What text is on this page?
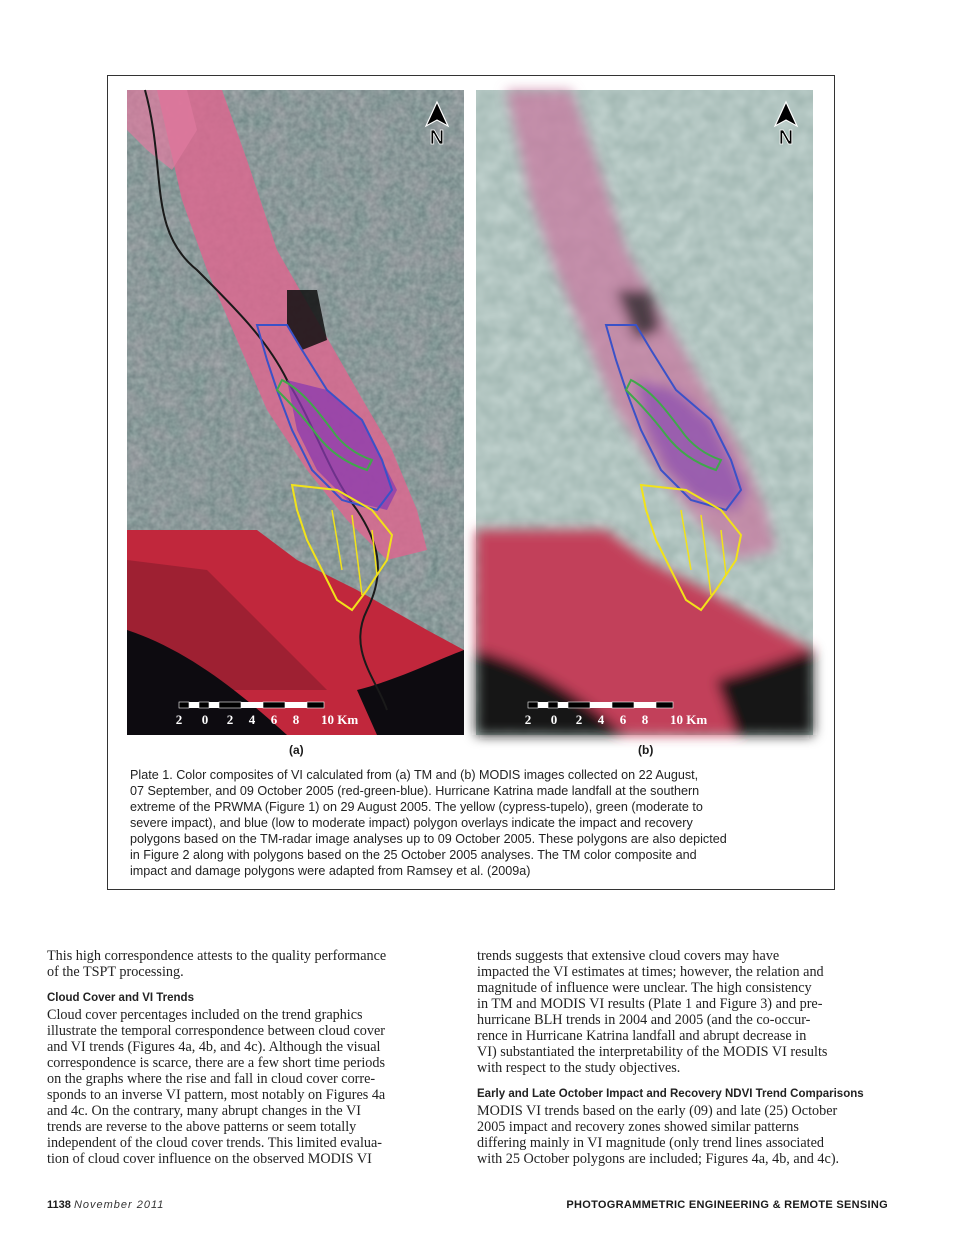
N
2 0 2 4 6 8 10 Km
N
2 0 2 4 6 8 10 Km
(a)	(b)
Plate 1. Color composites of VI calculated from (a) TM and (b) MODIS images collected on 22 August,
07 September, and 09 October 2005 (red-green-blue). Hurricane Katrina made landfall at the southern
extreme of the PRWMA (Figure 1) on 29 August 2005. The yellow (cypress-tupelo), green (moderate to
severe impact), and blue (low to moderate impact) polygon overlays indicate the impact and recovery
polygons based on the TM-radar image analyses up to 09 October 2005. These polygons are also depicted
in Figure 2 along with polygons based on the 25 October 2005 analyses. The TM color composite and
impact and damage polygons were adapted from Ramsey et al. (2009a)
This high correspondence attests to the quality performance
of the TSPT processing.
Cloud Cover and VI Trends
Cloud cover percentages included on the trend graphics
illustrate the temporal correspondence between cloud cover
and VI trends (Figures 4a, 4b, and 4c). Although the visual
correspondence is scarce, there are a few short time periods
on the graphs where the rise and fall in cloud cover corre-
sponds to an inverse VI pattern, most notably on Figures 4a
and 4c. On the contrary, many abrupt changes in the VI
trends are reverse to the above patterns or seem totally
independent of the cloud cover trends. This limited evalua-
tion of cloud cover influence on the observed MODIS VI
trends suggests that extensive cloud covers may have
impacted the VI estimates at times; however, the relation and
magnitude of influence were unclear. The high consistency
in TM and MODIS VI results (Plate 1 and Figure 3) and pre-
hurricane BLH trends in 2004 and 2005 (and the co-occur-
rence in Hurricane Katrina landfall and abrupt decrease in
VI) substantiated the interpretability of the MODIS VI results
with respect to the study objectives.
Early and Late October Impact and Recovery NDVI Trend Comparisons
MODIS VI trends based on the early (09) and late (25) October
2005 impact and recovery zones showed similar patterns
differing mainly in VI magnitude (only trend lines associated
with 25 October polygons are included; Figures 4a, 4b, and 4c).
1138 November 2011	PHOTOGRAMMETRIC ENGINEERING & REMOTE SENSING
